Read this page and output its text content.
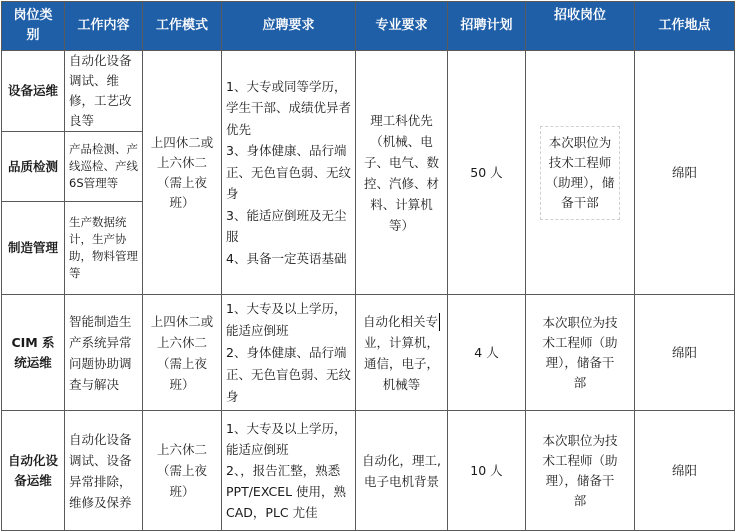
岗位类别	工作内容	工作模式	应聘要求	专业要求	招聘计划	招收岗位	工作地点
设备运维	自动化设备调试、维修，工艺改良等	上四休二或上六休二（需上夜班）	1、大专或同等学历，学生干部、成绩优异者优先
3、身体健康、品行端正、无色盲色弱、无纹身
3、能适应倒班及无尘服
4、具备一定英语基础	理工科优先（机械、电子、电气、数控、汽修、材料、计算机等）	50 人	本次职位为技术工程师（助理），储备干部	绵阳
品质检测	产品检测、产线巡检、产线6S管理等						
制造管理	生产数据统计，生产协助，物料管理等						
CIM 系统运维	智能制造生产系统异常问题协助调查与解决	上四休二或上六休二（需上夜班）	1、大专及以上学历，能适应倒班
2、身体健康、品行端正、无色盲色弱、无纹身	自动化相关专业，计算机，通信，电子，机械等	4 人	本次职位为技术工程师（助理），储备干部	绵阳
自动化设备运维	自动化设备调试、设备异常排除，维修及保养	上六休二（需上夜班）	1、大专及以上学历，能适应倒班
2、，报告汇整，熟悉PPT/EXCEL 使用，熟CAD，PLC 尤佳	自动化，理工,电子电机背景	10 人	本次职位为技术工程师（助理），储备干部	绵阳
